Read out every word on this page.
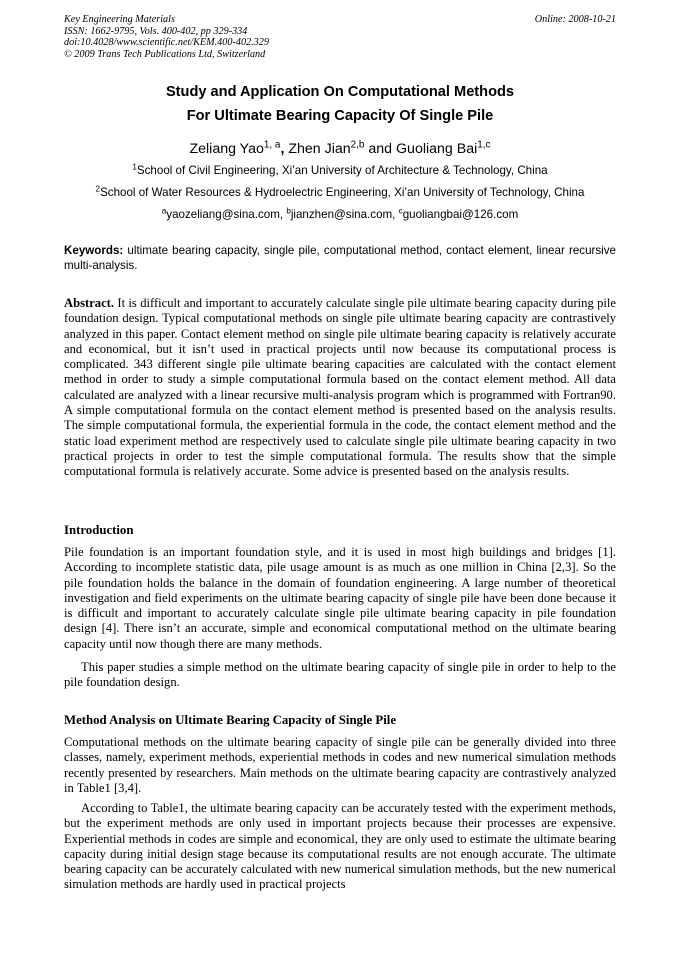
Key Engineering Materials
ISSN: 1662-9795, Vols. 400-402, pp 329-334
doi:10.4028/www.scientific.net/KEM.400-402.329
© 2009 Trans Tech Publications Ltd, Switzerland
Online: 2008-10-21
Study and Application On Computational Methods
For Ultimate Bearing Capacity Of Single Pile
Zeliang Yao$^{1, a}$, Zhen Jian$^{2,b}$ and Guoliang Bai$^{1,c}$
$^1$School of Civil Engineering, Xi’an University of Architecture & Technology, China
$^2$School of Water Resources & Hydroelectric Engineering, Xi’an University of Technology, China
$^a$yaozeliang@sina.com, $^b$jianzhen@sina.com, $^c$guoliangbai@126.com
Keywords: ultimate bearing capacity, single pile, computational method, contact element, linear recursive multi-analysis.
Abstract. It is difficult and important to accurately calculate single pile ultimate bearing capacity during pile foundation design. Typical computational methods on single pile ultimate bearing capacity are contrastively analyzed in this paper. Contact element method on single pile ultimate bearing capacity is relatively accurate and economical, but it isn’t used in practical projects until now because its computational process is complicated. 343 different single pile ultimate bearing capacities are calculated with the contact element method in order to study a simple computational formula based on the contact element method. All data calculated are analyzed with a linear recursive multi-analysis program which is programmed with Fortran90. A simple computational formula on the contact element method is presented based on the analysis results. The simple computational formula, the experiential formula in the code, the contact element method and the static load experiment method are respectively used to calculate single pile ultimate bearing capacity in two practical projects in order to test the simple computational formula. The results show that the simple computational formula is relatively accurate. Some advice is presented based on the analysis results.
Introduction

Pile foundation is an important foundation style, and it is used in most high buildings and bridges [1]. According to incomplete statistic data, pile usage amount is as much as one million in China [2,3]. So the pile foundation holds the balance in the domain of foundation engineering. A large number of theoretical investigation and field experiments on the ultimate bearing capacity of single pile have been done because it is difficult and important to accurately calculate single pile ultimate bearing capacity in pile foundation design [4]. There isn’t an accurate, simple and economical computational method on the ultimate bearing capacity until now though there are many methods.

This paper studies a simple method on the ultimate bearing capacity of single pile in order to help to the pile foundation design.

Method Analysis on Ultimate Bearing Capacity of Single Pile

Computational methods on the ultimate bearing capacity of single pile can be generally divided into three classes, namely, experiment methods, experiential methods in codes and new numerical simulation methods recently presented by researchers. Main methods on the ultimate bearing capacity are contrastively analyzed in Table1 [3,4].

According to Table1, the ultimate bearing capacity can be accurately tested with the experiment methods, but the experiment methods are only used in important projects because their processes are expensive. Experiential methods in codes are simple and economical, they are only used to estimate the ultimate bearing capacity during initial design stage because its computational results are not enough accurate. The ultimate bearing capacity can be accurately calculated with new numerical simulation methods, but the new numerical simulation methods are hardly used in practical projects
